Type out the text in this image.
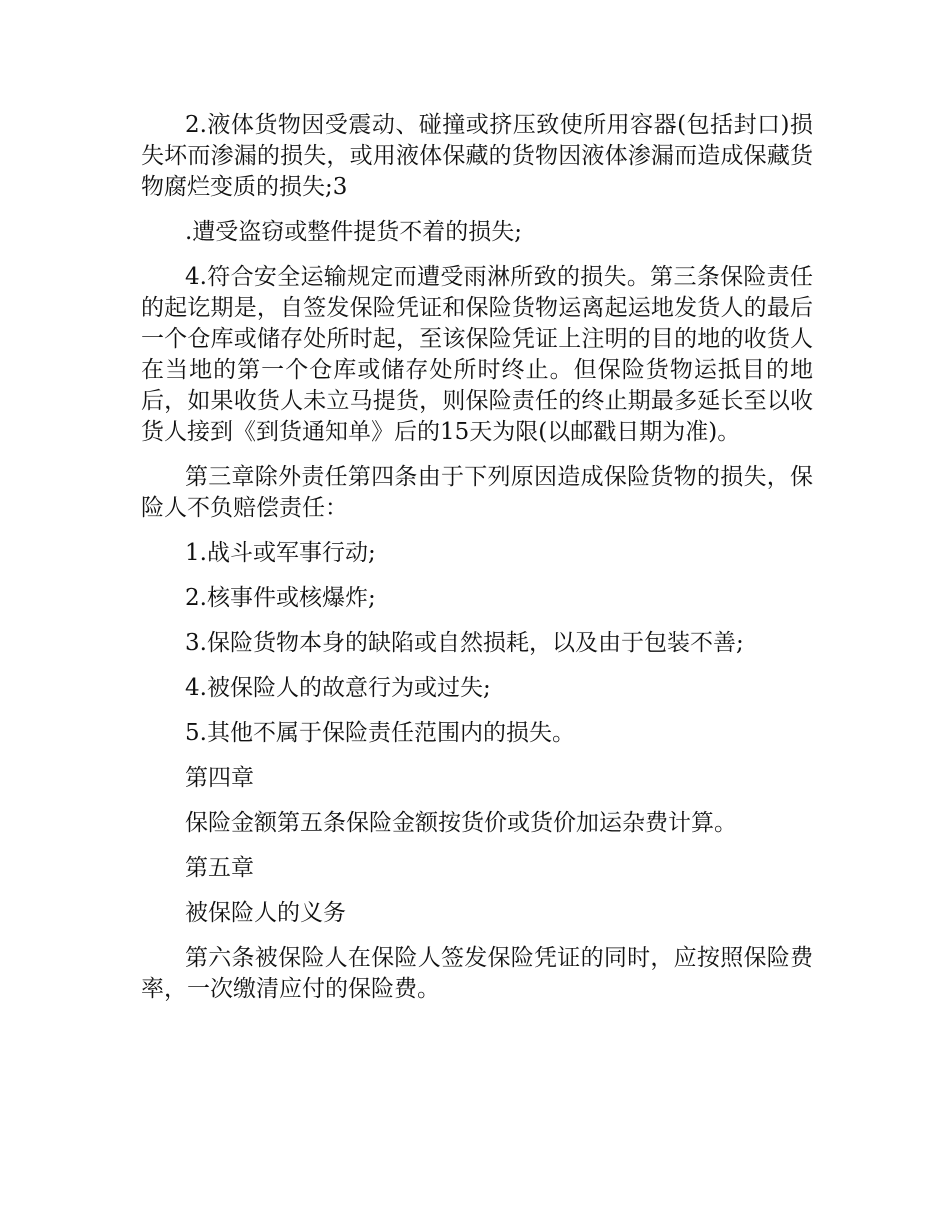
2.液体货物因受震动、碰撞或挤压致使所用容器(包括封口)损失坏而渗漏的损失，或用液体保藏的货物因液体渗漏而造成保藏货物腐烂变质的损失;3

.遭受盗窃或整件提货不着的损失;

4.符合安全运输规定而遭受雨淋所致的损失。第三条保险责任的起讫期是，自签发保险凭证和保险货物运离起运地发货人的最后一个仓库或储存处所时起，至该保险凭证上注明的目的地的收货人在当地的第一个仓库或储存处所时终止。但保险货物运抵目的地后，如果收货人未立马提货，则保险责任的终止期最多延长至以收货人接到《到货通知单》后的15天为限(以邮戳日期为准)。

第三章除外责任第四条由于下列原因造成保险货物的损失，保险人不负赔偿责任：

1.战斗或军事行动;

2.核事件或核爆炸;

3.保险货物本身的缺陷或自然损耗，以及由于包装不善;

4.被保险人的故意行为或过失;

5.其他不属于保险责任范围内的损失。

第四章

保险金额第五条保险金额按货价或货价加运杂费计算。

第五章

被保险人的义务

第六条被保险人在保险人签发保险凭证的同时，应按照保险费率，一次缴清应付的保险费。
